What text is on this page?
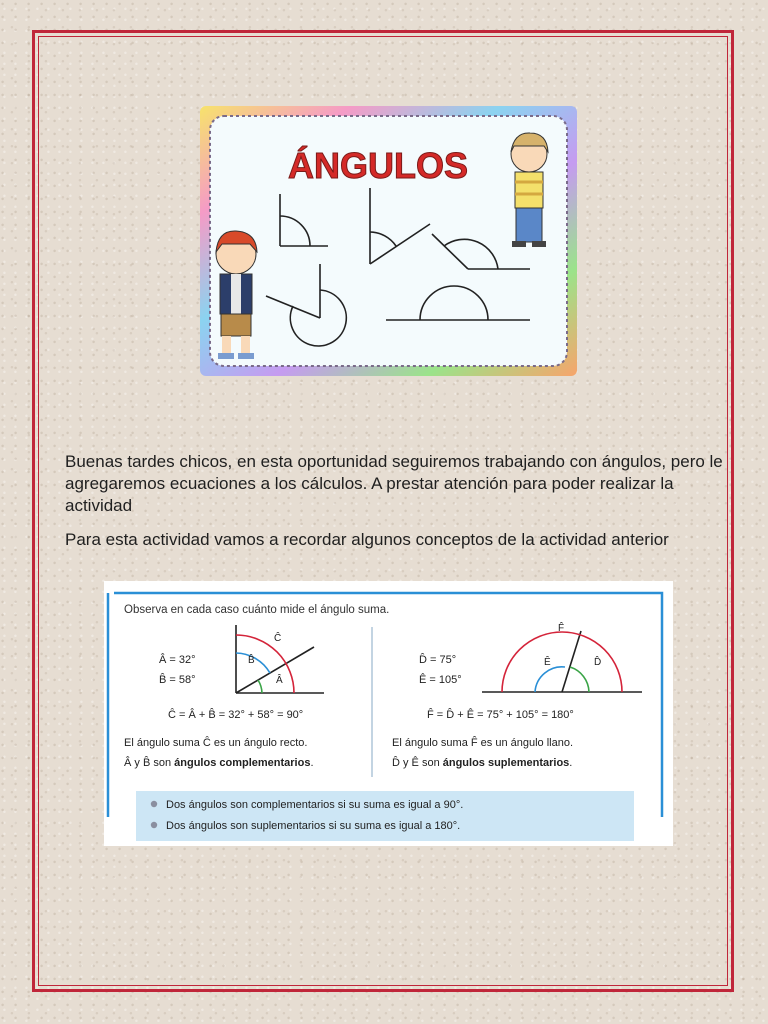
ÁNGULOS

Buenas tardes chicos, en esta oportunidad seguiremos trabajando con ángulos, pero le agregaremos ecuaciones a los cálculos. A prestar atención para poder realizar la actividad

Para esta actividad vamos a recordar algunos conceptos de la actividad anterior

Observa en cada caso cuánto mide el ángulo suma.
Â = 32°
B̂ = 58°
Ĉ
B̂
Â
Ĉ = Â + B̂ = 32° + 58° = 90°
El ángulo suma Ĉ es un ángulo recto.
Â y B̂ son ángulos complementarios.
D̂ = 75°
Ê = 105°
F̂
Ê	D̂
F̂ = D̂ + Ê = 75° + 105° = 180°
El ángulo suma F̂ es un ángulo llano.
D̂ y Ê son ángulos suplementarios.
Dos ángulos son complementarios si su suma es igual a 90°.
Dos ángulos son suplementarios si su suma es igual a 180°.
